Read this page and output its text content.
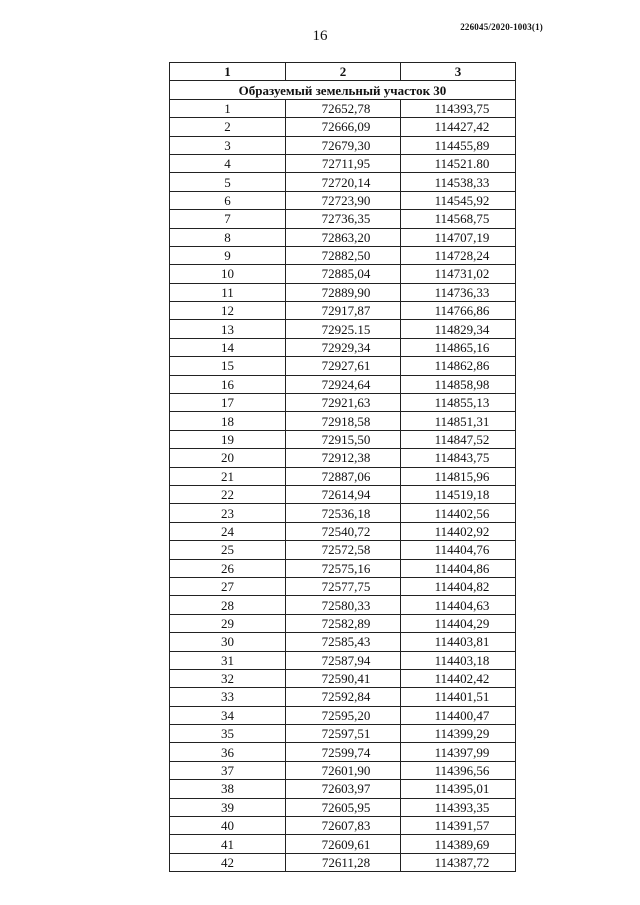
226045/2020-1003(1)
16
1	2	3
Образуемый земельный участок 30		
1	72652,78	114393,75
2	72666,09	114427,42
3	72679,30	114455,89
4	72711,95	114521.80
5	72720,14	114538,33
6	72723,90	114545,92
7	72736,35	114568,75
8	72863,20	114707,19
9	72882,50	114728,24
10	72885,04	114731,02
11	72889,90	114736,33
12	72917,87	114766,86
13	72925.15	114829,34
14	72929,34	114865,16
15	72927,61	114862,86
16	72924,64	114858,98
17	72921,63	114855,13
18	72918,58	114851,31
19	72915,50	114847,52
20	72912,38	114843,75
21	72887,06	114815,96
22	72614,94	114519,18
23	72536,18	114402,56
24	72540,72	114402,92
25	72572,58	114404,76
26	72575,16	114404,86
27	72577,75	114404,82
28	72580,33	114404,63
29	72582,89	114404,29
30	72585,43	114403,81
31	72587,94	114403,18
32	72590,41	114402,42
33	72592,84	114401,51
34	72595,20	114400,47
35	72597,51	114399,29
36	72599,74	114397,99
37	72601,90	114396,56
38	72603,97	114395,01
39	72605,95	114393,35
40	72607,83	114391,57
41	72609,61	114389,69
42	72611,28	114387,72
